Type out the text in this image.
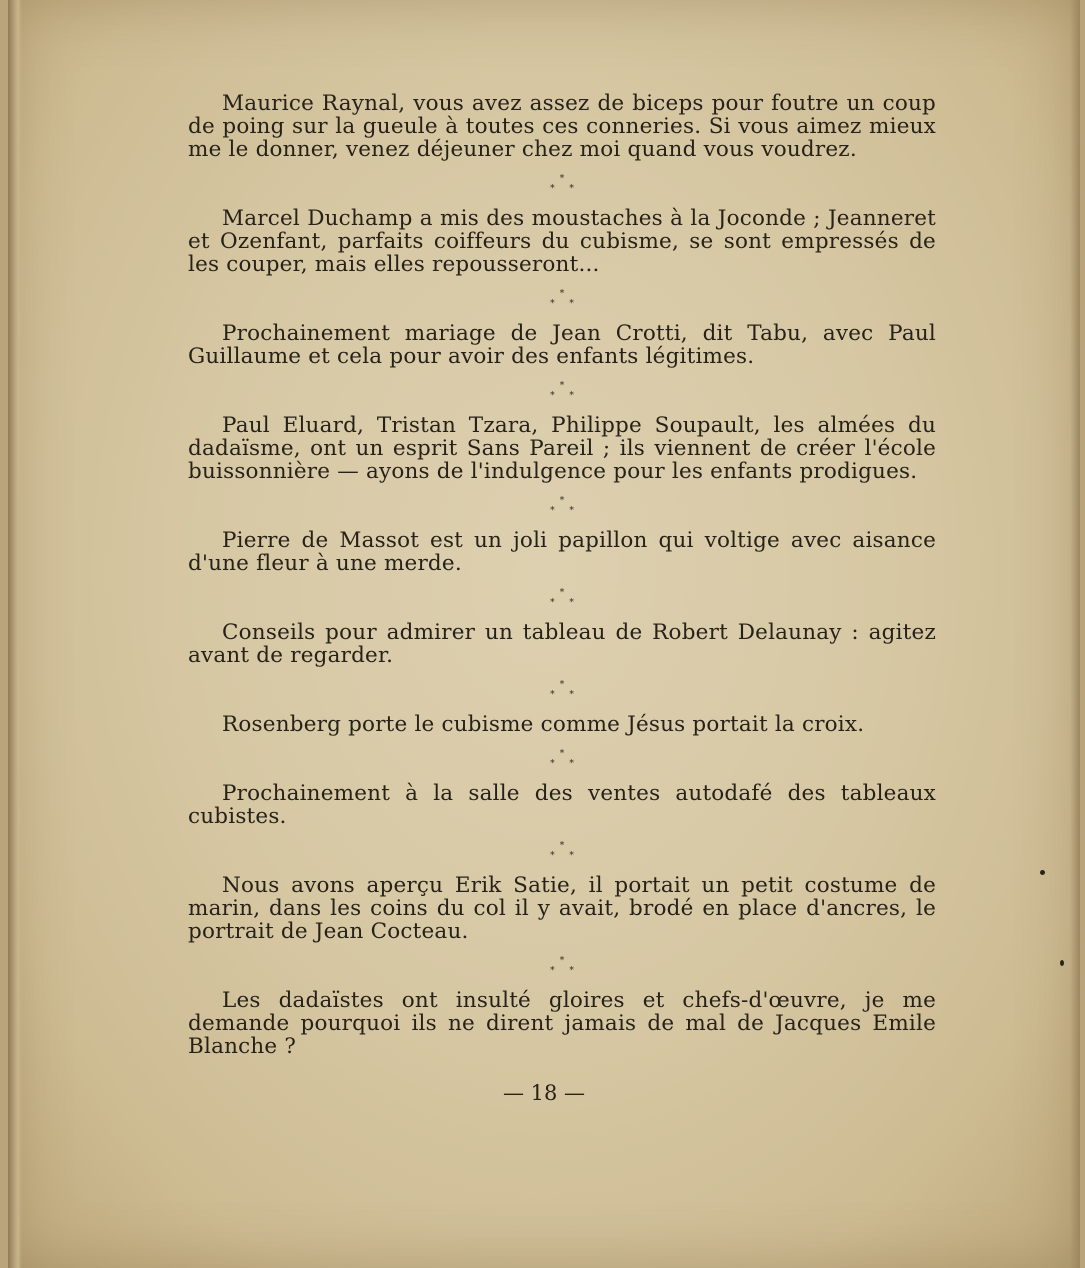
Maurice Raynal, vous avez assez de biceps pour foutre un coup de poing sur la gueule à toutes ces conneries. Si vous aimez mieux me le donner, venez déjeuner chez moi quand vous voudrez.

*
* *

Marcel Duchamp a mis des moustaches à la Joconde ; Jeanneret et Ozenfant, parfaits coiffeurs du cubisme, se sont empressés de les couper, mais elles repousseront...

*
* *

Prochainement mariage de Jean Crotti, dit Tabu, avec Paul Guillaume et cela pour avoir des enfants légitimes.

*
* *

Paul Eluard, Tristan Tzara, Philippe Soupault, les almées du dadaïsme, ont un esprit Sans Pareil ; ils viennent de créer l'école buissonnière — ayons de l'indulgence pour les enfants prodigues.

*
* *

Pierre de Massot est un joli papillon qui voltige avec aisance d'une fleur à une merde.

*
* *

Conseils pour admirer un tableau de Robert Delaunay : agitez avant de regarder.

*
* *

Rosenberg porte le cubisme comme Jésus portait la croix.

*
* *

Prochainement à la salle des ventes autodafé des tableaux cubistes.

*
* *

Nous avons aperçu Erik Satie, il portait un petit costume de marin, dans les coins du col il y avait, brodé en place d'ancres, le portrait de Jean Cocteau.

*
* *

Les dadaïstes ont insulté gloires et chefs-d'œuvre, je me demande pourquoi ils ne dirent jamais de mal de Jacques Emile Blanche ?

— 18 —
